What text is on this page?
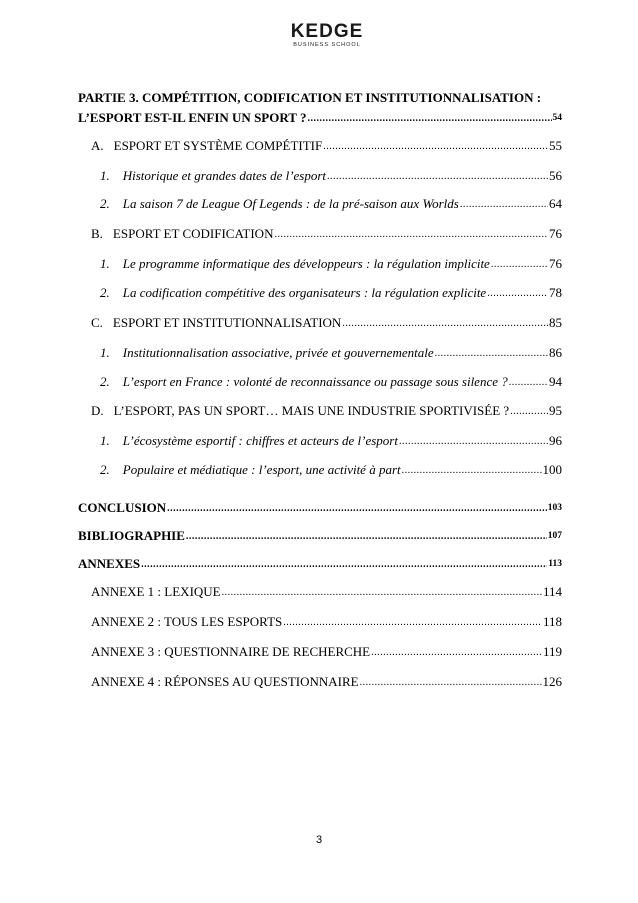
KEDGE
BUSINESS SCHOOL
PARTIE 3. COMPÉTITION, CODIFICATION ET INSTITUTIONNALISATION :
L’ESPORT EST-IL ENFIN UN SPORT ? .....	54
A. ESPORT ET SYSTÈME COMPÉTITIF .....	55
1. Historique et grandes dates de l’esport .....	56
2. La saison 7 de League Of Legends : de la pré-saison aux Worlds .....	64
B. ESPORT ET CODIFICATION .....	76
1. Le programme informatique des développeurs : la régulation implicite .....	76
2. La codification compétitive des organisateurs : la régulation explicite .....	78
C. ESPORT ET INSTITUTIONNALISATION .....	85
1. Institutionnalisation associative, privée et gouvernementale .....	86
2. L’esport en France : volonté de reconnaissance ou passage sous silence ? .....	94
D. L’ESPORT, PAS UN SPORT… MAIS UNE INDUSTRIE SPORTIVISÉE ? .....	95
1. L’écosystème esportif : chiffres et acteurs de l’esport .....	96
2. Populaire et médiatique : l’esport, une activité à part .....	100
CONCLUSION .....	103
BIBLIOGRAPHIE .....	107
ANNEXES .....	113
ANNEXE 1 : LEXIQUE .....	114
ANNEXE 2 : TOUS LES ESPORTS .....	118
ANNEXE 3 : QUESTIONNAIRE DE RECHERCHE .....	119
ANNEXE 4 : RÉPONSES AU QUESTIONNAIRE .....	126
3
